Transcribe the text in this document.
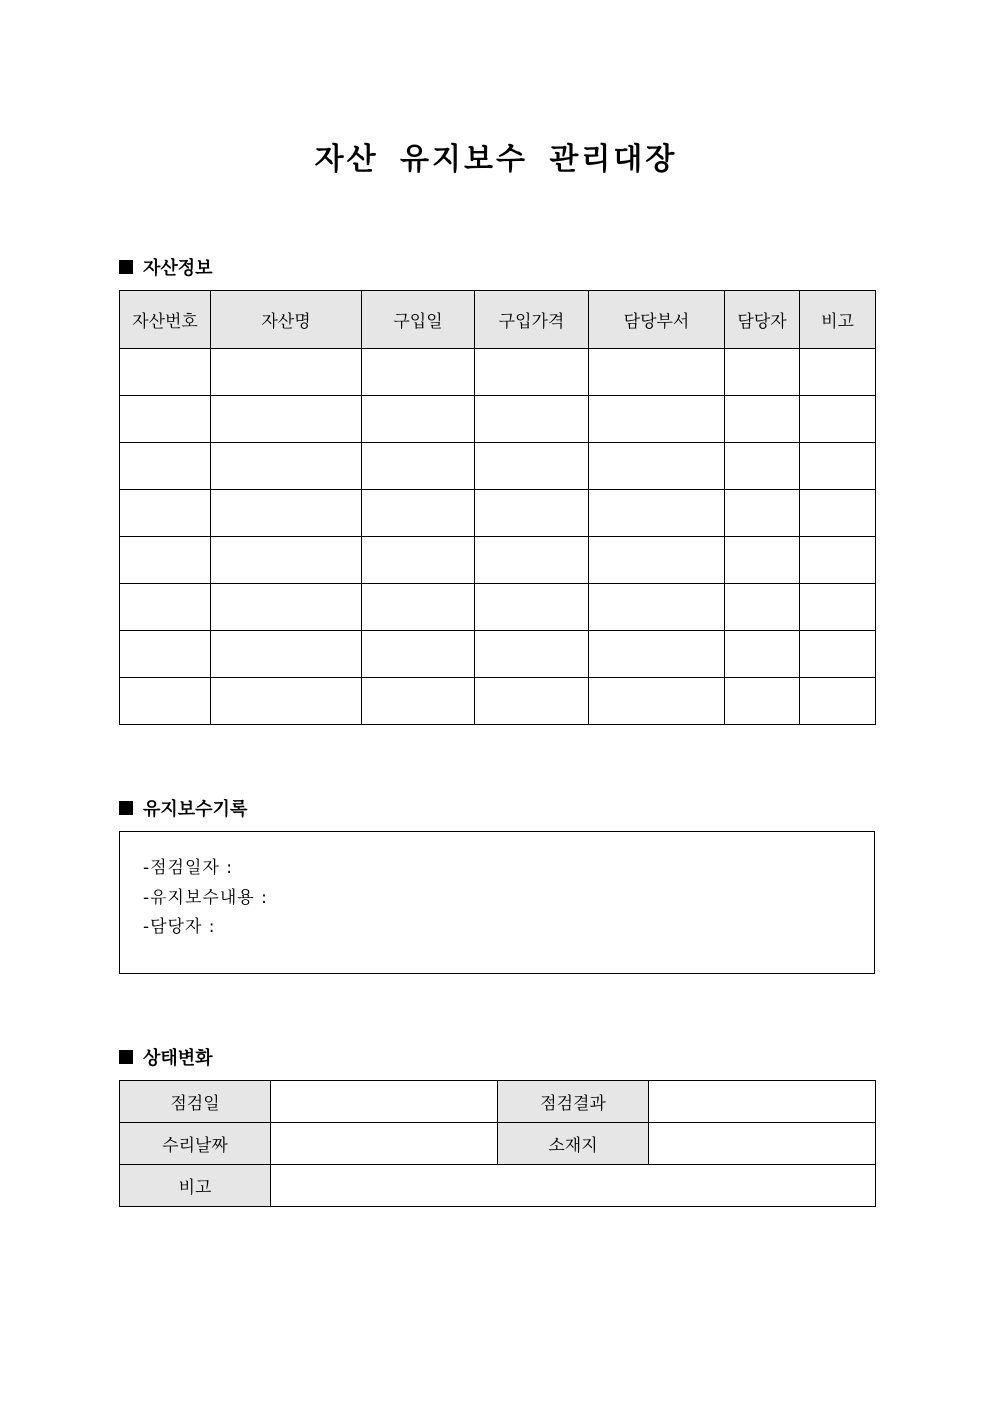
자산 유지보수 관리대장
자산정보
자산번호	자산명	구입일	구입가격	담당부서	담당자	비고

유지보수기록
-점검일자 :
-유지보수내용 :
-담당자 :
상태변화
점검일		점검결과	
수리날짜		소재지	
비고			
